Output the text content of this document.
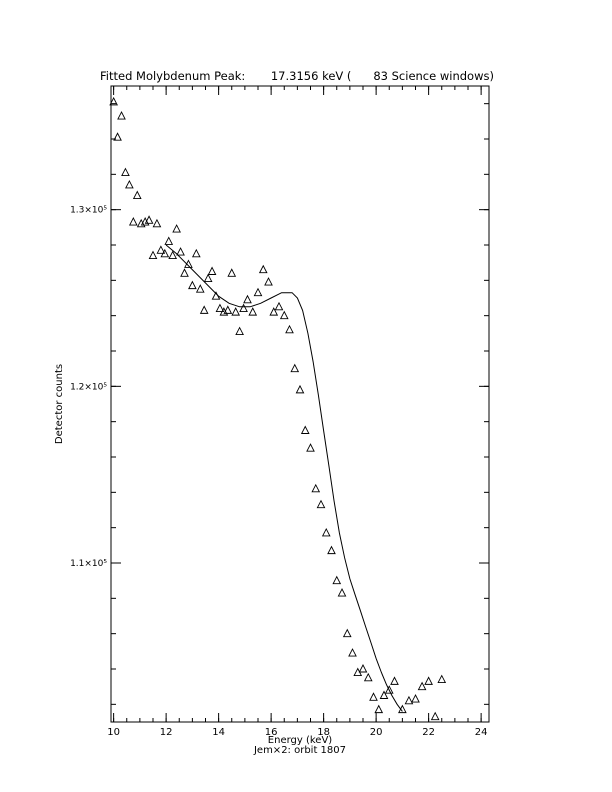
Fitted Molybdenum Peak:       17.3156 keV (      83 Science windows)
1.1×10⁵
1.2×10⁵
1.3×10⁵
10	12	14	16	18	20	22	24
Detector counts
Energy (keV)
Jem×2: orbit 1807
